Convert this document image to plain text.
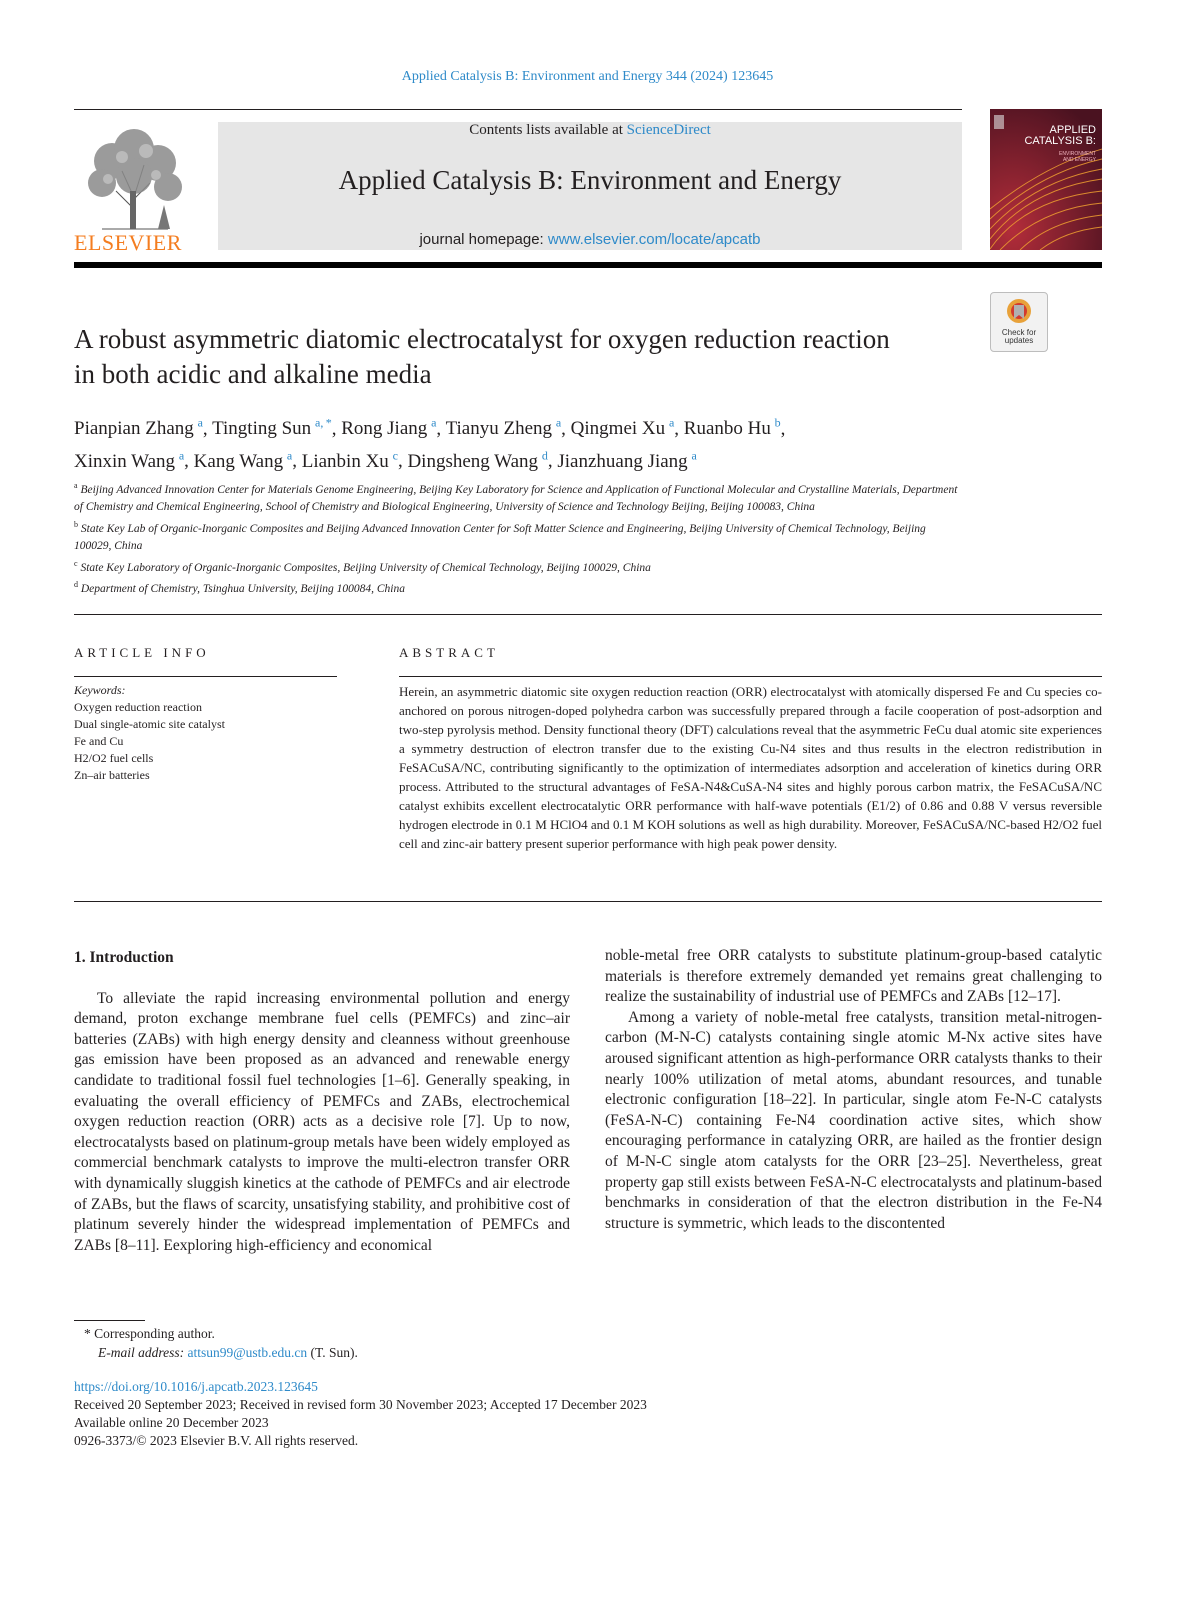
Applied Catalysis B: Environment and Energy 344 (2024) 123645
ELSEVIER
Contents lists available at ScienceDirect
Applied Catalysis B: Environment and Energy
journal homepage: www.elsevier.com/locate/apcatb
APPLIED
CATALYSIS B:
ENVIRONMENT
AND ENERGY
Check for
updates
A robust asymmetric diatomic electrocatalyst for oxygen reduction reaction
in both acidic and alkaline media
Pianpian Zhang  $^a$, Tingting Sun  $^{a, *}$, Rong Jiang  $^a$, Tianyu Zheng  $^a$, Qingmei Xu  $^a$, Ruanbo Hu  $^b$,
Xinxin Wang  $^a$, Kang Wang  $^a$, Lianbin Xu  $^c$, Dingsheng Wang  $^d$, Jianzhuang Jiang  $^a$

$^a$ Beijing Advanced Innovation Center for Materials Genome Engineering, Beijing Key Laboratory for Science and Application of Functional Molecular and Crystalline Materials, Department of Chemistry and Chemical Engineering, School of Chemistry and Biological Engineering, University of Science and Technology Beijing, Beijing 100083, China

$^b$ State Key Lab of Organic-Inorganic Composites and Beijing Advanced Innovation Center for Soft Matter Science and Engineering, Beijing University of Chemical Technology, Beijing 100029, China

$^c$ State Key Laboratory of Organic-Inorganic Composites, Beijing University of Chemical Technology, Beijing 100029, China

$^d$ Department of Chemistry, Tsinghua University, Beijing 100084, China

ARTICLE INFO
Keywords:
Oxygen reduction reaction
Dual single-atomic site catalyst
Fe and Cu
H2/O2 fuel cells
Zn–air batteries
ABSTRACT
Herein, an asymmetric diatomic site oxygen reduction reaction (ORR) electrocatalyst with atomically dispersed Fe and Cu species co-anchored on porous nitrogen-doped polyhedra carbon was successfully prepared through a facile cooperation of post-adsorption and two-step pyrolysis method. Density functional theory (DFT) calculations reveal that the asymmetric FeCu dual atomic site experiences a symmetry destruction of electron transfer due to the existing Cu-N4 sites and thus results in the electron redistribution in FeSACuSA/NC, contributing significantly to the optimization of intermediates adsorption and acceleration of kinetics during ORR process. Attributed to the structural advantages of FeSA-N4&CuSA-N4 sites and highly porous carbon matrix, the FeSACuSA/NC catalyst exhibits excellent electrocatalytic ORR performance with half-wave potentials (E1/2) of 0.86 and 0.88 V versus reversible hydrogen electrode in 0.1 M HClO4 and 0.1 M KOH solutions as well as high durability. Moreover, FeSACuSA/NC-based H2/O2 fuel cell and zinc-air battery present superior performance with high peak power density.

1. Introduction

To alleviate the rapid increasing environmental pollution and energy demand, proton exchange membrane fuel cells (PEMFCs) and zinc–air batteries (ZABs) with high energy density and cleanness without greenhouse gas emission have been proposed as an advanced and renewable energy candidate to traditional fossil fuel technologies [1–6]. Generally speaking, in evaluating the overall efficiency of PEMFCs and ZABs, electrochemical oxygen reduction reaction (ORR) acts as a decisive role [7]. Up to now, electrocatalysts based on platinum-group metals have been widely employed as commercial benchmark catalysts to improve the multi-electron transfer ORR with dynamically sluggish kinetics at the cathode of PEMFCs and air electrode of ZABs, but the flaws of scarcity, unsatisfying stability, and prohibitive cost of platinum severely hinder the widespread implementation of PEMFCs and ZABs [8–11]. Eexploring high-efficiency and economical

noble-metal free ORR catalysts to substitute platinum-group-based catalytic materials is therefore extremely demanded yet remains great challenging to realize the sustainability of industrial use of PEMFCs and ZABs [12–17].

Among a variety of noble-metal free catalysts, transition metal-nitrogen-carbon (M-N-C) catalysts containing single atomic M-Nx active sites have aroused significant attention as high-performance ORR catalysts thanks to their nearly 100% utilization of metal atoms, abundant resources, and tunable electronic configuration [18–22]. In particular, single atom Fe-N-C catalysts (FeSA-N-C) containing Fe-N4 coordination active sites, which show encouraging performance in catalyzing ORR, are hailed as the frontier design of M-N-C single atom catalysts for the ORR [23–25]. Nevertheless, great property gap still exists between FeSA-N-C electrocatalysts and platinum-based benchmarks in consideration of that the electron distribution in the Fe-N4 structure is symmetric, which leads to the discontented

* Corresponding author.
E-mail address: attsun99@ustb.edu.cn (T. Sun).
https://doi.org/10.1016/j.apcatb.2023.123645
Received 20 September 2023; Received in revised form 30 November 2023; Accepted 17 December 2023
Available online 20 December 2023
0926-3373/© 2023 Elsevier B.V. All rights reserved.
